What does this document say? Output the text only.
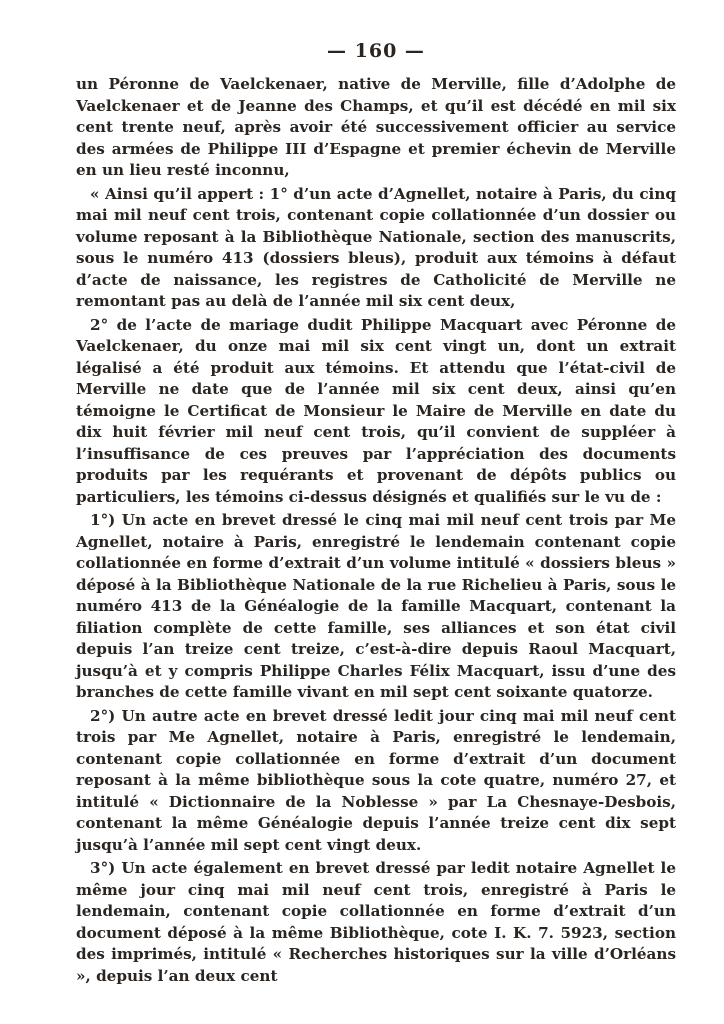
— 160 —

un Péronne de Vaelckenaer, native de Merville, fille d’Adolphe de Vaelckenaer et de Jeanne des Champs, et qu’il est décédé en mil six cent trente neuf, après avoir été successivement officier au service des armées de Philippe III d’Espagne et premier échevin de Merville en un lieu resté inconnu,

« Ainsi qu’il appert : 1° d’un acte d’Agnellet, notaire à Paris, du cinq mai mil neuf cent trois, contenant copie collationnée d’un dossier ou volume reposant à la Bibliothèque Nationale, section des manuscrits, sous le numéro 413 (dossiers bleus), produit aux témoins à défaut d’acte de naissance, les registres de Catholicité de Merville ne remontant pas au delà de l’année mil six cent deux,

2° de l’acte de mariage dudit Philippe Macquart avec Péronne de Vaelckenaer, du onze mai mil six cent vingt un, dont un extrait légalisé a été produit aux témoins. Et attendu que l’état-civil de Merville ne date que de l’année mil six cent deux, ainsi qu’en témoigne le Certificat de Monsieur le Maire de Merville en date du dix huit février mil neuf cent trois, qu’il convient de suppléer à l’insuffisance de ces preuves par l’appréciation des documents produits par les requérants et provenant de dépôts publics ou particuliers, les témoins ci-dessus désignés et qualifiés sur le vu de :

1°) Un acte en brevet dressé le cinq mai mil neuf cent trois par Me Agnellet, notaire à Paris, enregistré le lendemain contenant copie collationnée en forme d’extrait d’un volume intitulé « dossiers bleus » déposé à la Bibliothèque Nationale de la rue Richelieu à Paris, sous le numéro 413 de la Généalogie de la famille Macquart, contenant la filiation complète de cette famille, ses alliances et son état civil depuis l’an treize cent treize, c’est-à-dire depuis Raoul Macquart, jusqu’à et y compris Philippe Charles Félix Macquart, issu d’une des branches de cette famille vivant en mil sept cent soixante quatorze.

2°) Un autre acte en brevet dressé ledit jour cinq mai mil neuf cent trois par Me Agnellet, notaire à Paris, enregistré le lendemain, contenant copie collationnée en forme d’extrait d’un document reposant à la même bibliothèque sous la cote quatre, numéro 27, et intitulé « Dictionnaire de la Noblesse » par La Chesnaye-Desbois, contenant la même Généalogie depuis l’année treize cent dix sept jusqu’à l’année mil sept cent vingt deux.

3°) Un acte également en brevet dressé par ledit notaire Agnellet le même jour cinq mai mil neuf cent trois, enregistré à Paris le lendemain, contenant copie collationnée en forme d’extrait d’un document déposé à la même Bibliothèque, cote I. K. 7. 5923, section des imprimés, intitulé « Recherches historiques sur la ville d’Orléans », depuis l’an deux cent
